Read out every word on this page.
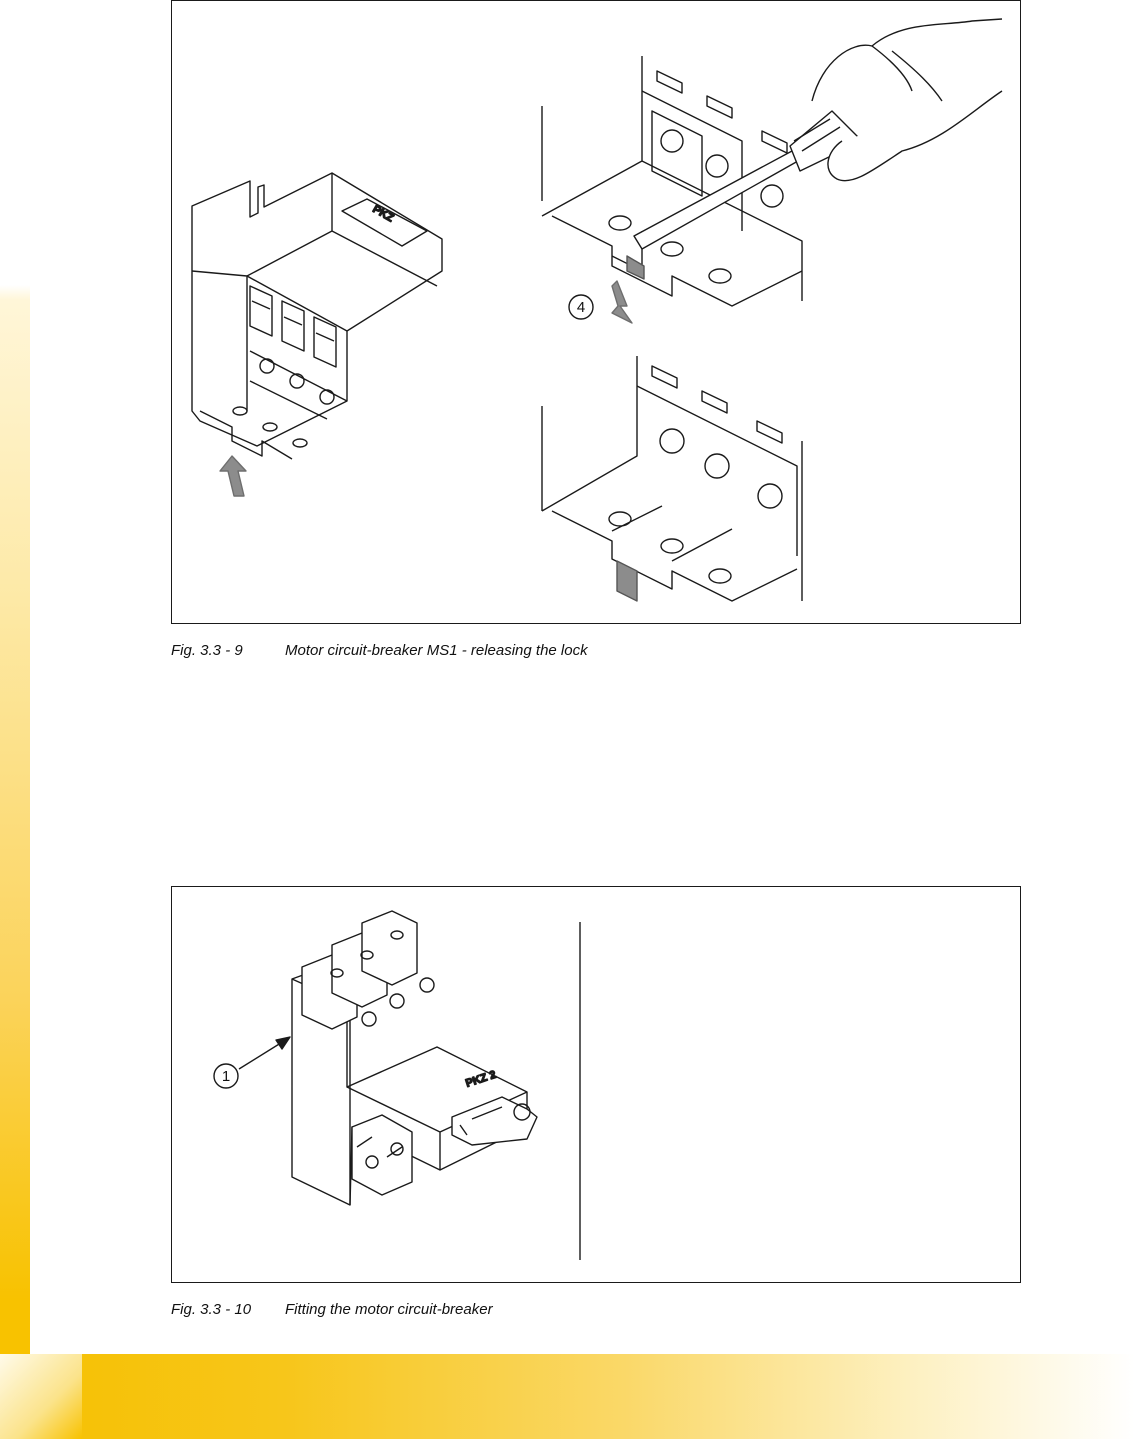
PKZ
4
Fig. 3.3 - 9	Motor circuit-breaker MS1 - releasing the lock
PKZ 2
1
Fig. 3.3 - 10 Fitting the motor circuit-breaker
